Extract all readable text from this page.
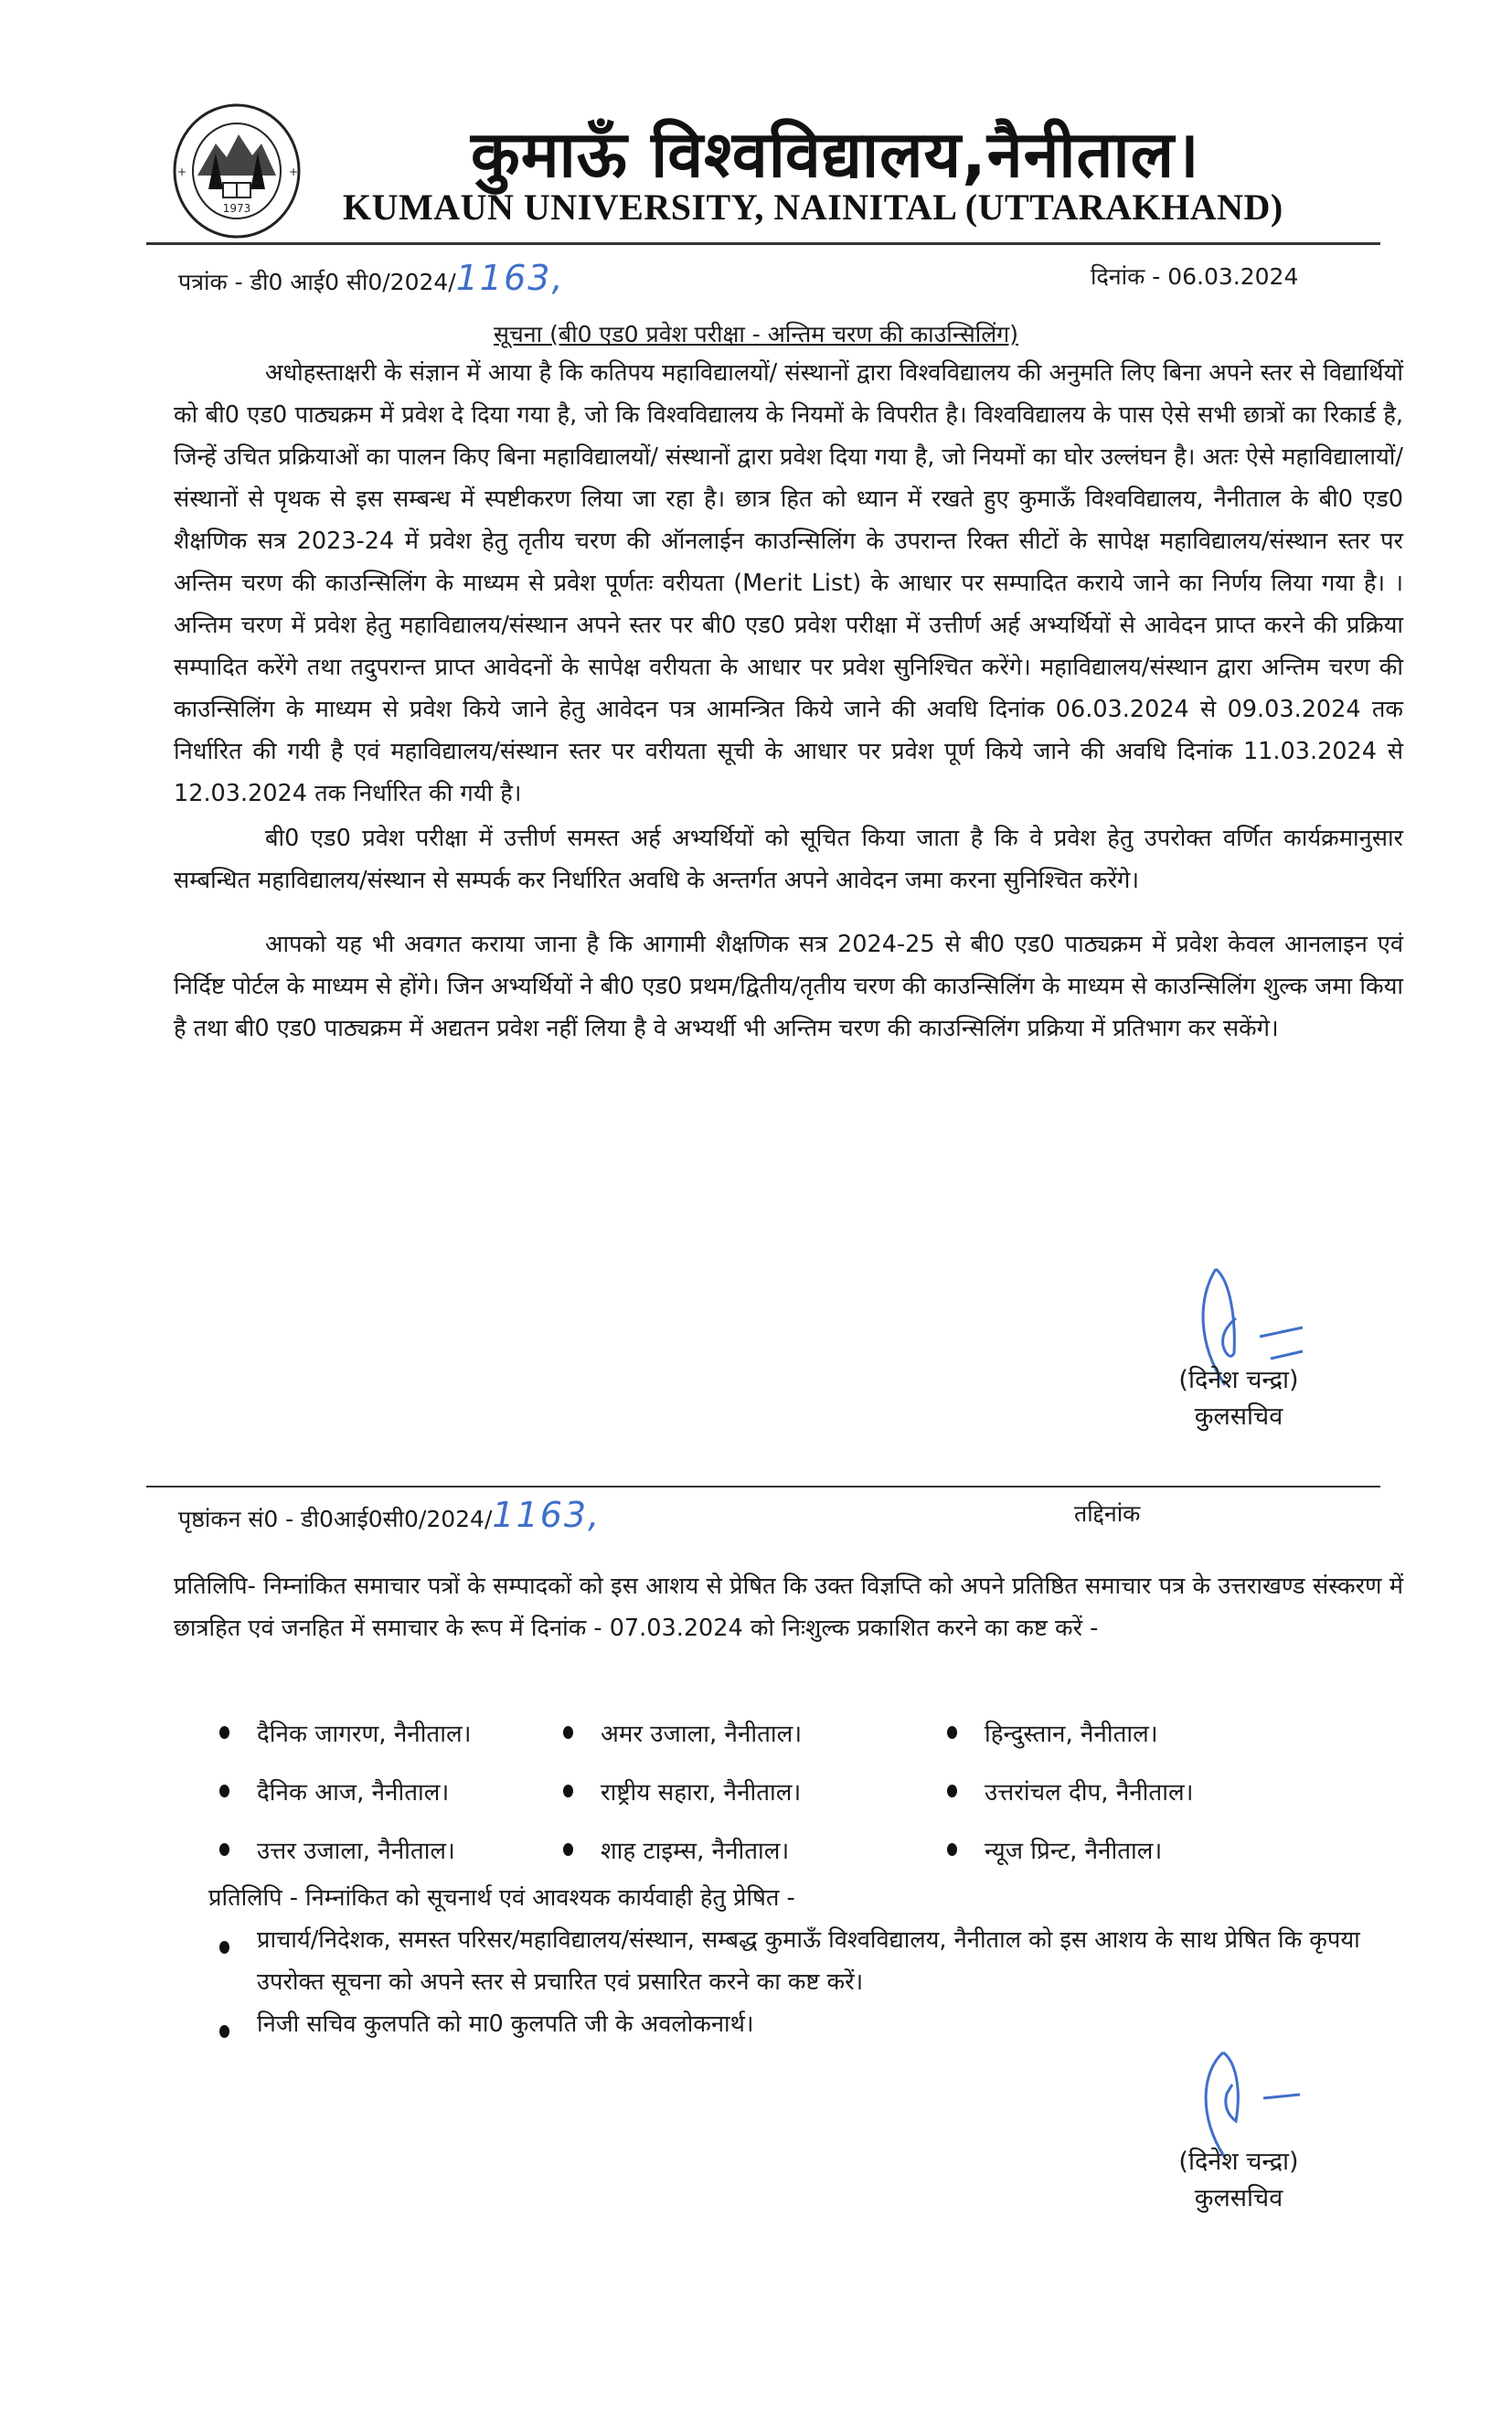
1973
+	+	कुमाऊँ विश्वविद्यालय,नैनीताल।
KUMAUN UNIVERSITY, NAINITAL (UTTARAKHAND)
पत्रांक - डी0 आई0 सी0/2024/1163,	दिनांक - 06.03.2024
सूचना (बी0 एड0 प्रवेश परीक्षा - अन्तिम चरण की काउन्सिलिंग)

अधोहस्ताक्षरी के संज्ञान में आया है कि कतिपय महाविद्यालयों/ संस्थानों द्वारा विश्वविद्यालय की अनुमति लिए बिना अपने स्तर से विद्यार्थियों को बी0 एड0 पाठ्यक्रम में प्रवेश दे दिया गया है, जो कि विश्वविद्यालय के नियमों के विपरीत है। विश्वविद्यालय के पास ऐसे सभी छात्रों का रिकार्ड है, जिन्हें उचित प्रक्रियाओं का पालन किए बिना महाविद्यालयों/ संस्थानों द्वारा प्रवेश दिया गया है, जो नियमों का घोर उल्लंघन है। अतः ऐसे महाविद्यालायों/संस्थानों से पृथक से इस सम्बन्ध में स्पष्टीकरण लिया जा रहा है। छात्र हित को ध्यान में रखते हुए कुमाऊँ विश्वविद्यालय, नैनीताल के बी0 एड0 शैक्षणिक सत्र 2023-24 में प्रवेश हेतु तृतीय चरण की ऑनलाईन काउन्सिलिंग के उपरान्त रिक्त सीटों के सापेक्ष महाविद्यालय/संस्थान स्तर पर अन्तिम चरण की काउन्सिलिंग के माध्यम से प्रवेश पूर्णतः वरीयता (Merit List) के आधार पर सम्पादित कराये जाने का निर्णय लिया गया है। । अन्तिम चरण में प्रवेश हेतु महाविद्यालय/संस्थान अपने स्तर पर बी0 एड0 प्रवेश परीक्षा में उत्तीर्ण अर्ह अभ्यर्थियों से आवेदन प्राप्त करने की प्रक्रिया सम्पादित करेंगे तथा तदुपरान्त प्राप्त आवेदनों के सापेक्ष वरीयता के आधार पर प्रवेश सुनिश्चित करेंगे। महाविद्यालय/संस्थान द्वारा अन्तिम चरण की काउन्सिलिंग के माध्यम से प्रवेश किये जाने हेतु आवेदन पत्र आमन्त्रित किये जाने की अवधि दिनांक 06.03.2024 से 09.03.2024 तक निर्धारित की गयी है एवं महाविद्यालय/संस्थान स्तर पर वरीयता सूची के आधार पर प्रवेश पूर्ण किये जाने की अवधि दिनांक 11.03.2024 से 12.03.2024 तक निर्धारित की गयी है।

बी0 एड0 प्रवेश परीक्षा में उत्तीर्ण समस्त अर्ह अभ्यर्थियों को सूचित किया जाता है कि वे प्रवेश हेतु उपरोक्त वर्णित कार्यक्रमानुसार सम्बन्धित महाविद्यालय/संस्थान से सम्पर्क कर निर्धारित अवधि के अन्तर्गत अपने आवेदन जमा करना सुनिश्चित करेंगे।

आपको यह भी अवगत कराया जाना है कि आगामी शैक्षणिक सत्र 2024-25 से बी0 एड0 पाठ्यक्रम में प्रवेश केवल आनलाइन एवं निर्दिष्ट पोर्टल के माध्यम से होंगे। जिन अभ्यर्थियों ने बी0 एड0 प्रथम/द्वितीय/तृतीय चरण की काउन्सिलिंग के माध्यम से काउन्सिलिंग शुल्क जमा किया है तथा बी0 एड0 पाठ्यक्रम में अद्यतन प्रवेश नहीं लिया है वे अभ्यर्थी भी अन्तिम चरण की काउन्सिलिंग प्रक्रिया में प्रतिभाग कर सकेंगे।

(दिनेश चन्द्रा)
कुलसचिव
पृष्ठांकन सं0 - डी0आई0सी0/2024/1163,	तद्दिनांक
प्रतिलिपि- निम्नांकित समाचार पत्रों के सम्पादकों को इस आशय से प्रेषित कि उक्त विज्ञप्ति को अपने प्रतिष्ठित समाचार पत्र के उत्तराखण्ड संस्करण में छात्रहित एवं जनहित में समाचार के रूप में दिनांक - 07.03.2024 को निःशुल्क प्रकाशित करने का कष्ट करें -
दैनिक जागरण, नैनीताल।	अमर उजाला, नैनीताल।	हिन्दुस्तान, नैनीताल।
दैनिक आज, नैनीताल।	राष्ट्रीय सहारा, नैनीताल।	उत्तरांचल दीप, नैनीताल।
उत्तर उजाला, नैनीताल।	शाह टाइम्स, नैनीताल।	न्यूज प्रिन्ट, नैनीताल।
प्रतिलिपि - निम्नांकित को सूचनार्थ एवं आवश्यक कार्यवाही हेतु प्रेषित -
प्राचार्य/निदेशक, समस्त परिसर/महाविद्यालय/संस्थान, सम्बद्ध कुमाऊँ विश्वविद्यालय, नैनीताल को इस आशय के साथ प्रेषित कि कृपया उपरोक्त सूचना को अपने स्तर से प्रचारित एवं प्रसारित करने का कष्ट करें।
निजी सचिव कुलपति को मा0 कुलपति जी के अवलोकनार्थ।
(दिनेश चन्द्रा)
कुलसचिव
